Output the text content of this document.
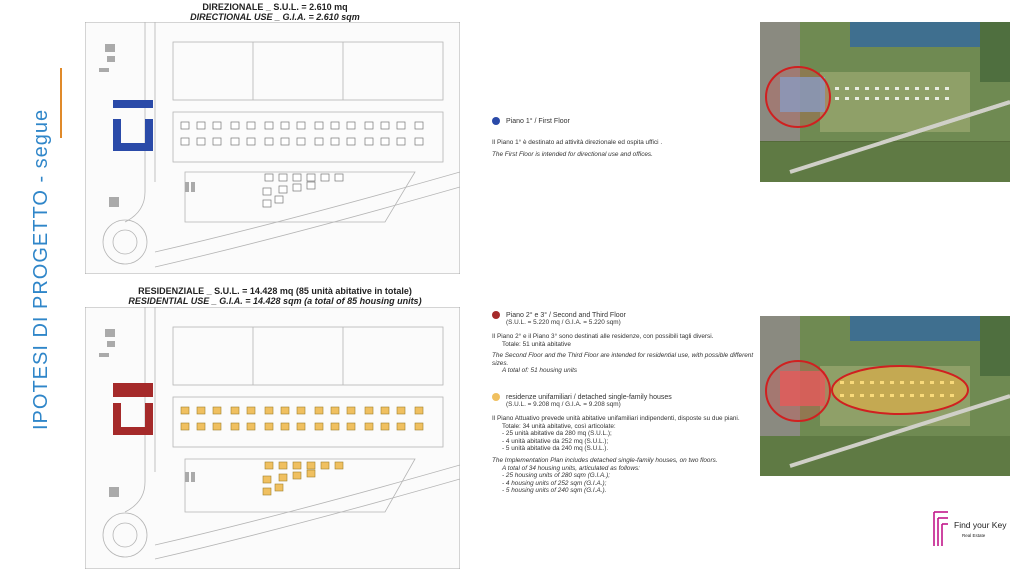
IPOTESI DI PROGETTO - segue
DIREZIONALE _ S.U.L. = 2.610 mq
DIRECTIONAL USE _ G.I.A. = 2.610 sqm
Piano 1° / First Floor
Il Piano 1° è destinato ad attività direzionale ed ospita uffici .
The First Floor is intended for directional use and offices.
RESIDENZIALE _ S.U.L. = 14.428 mq (85 unità abitative in totale)
RESIDENTIAL USE _ G.I.A. = 14.428 sqm (a total of 85 housing units)
Piano 2° e 3° / Second and Third Floor
(S.U.L. = 5.220 mq / G.I.A. = 5.220 sqm)
Il Piano 2° e il Piano 3° sono destinati alle residenze, con possibili tagli diversi.
Totale: 51 unità abitative
The Second Floor and the Third Floor are intended for residential use, with possible different sizes.
A total of: 51 housing units
residenze unifamiliari / detached single-family houses
(S.U.L. = 9.208 mq / G.I.A. = 9.208 sqm)
Il Piano Attuativo prevede unità abitative unifamiliari indipendenti, disposte su due piani.
Totale: 34 unità abitative, così articolate:
- 25 unità abitative da 280 mq (S.U.L.);
- 4 unità abitative da 252 mq (S.U.L.);
- 5 unità abitative da 240 mq (S.U.L.).
The Implementation Plan includes detached single-family houses, on two floors.
A total of 34 housing units, articulated as follows:
- 25 housing units of 280 sqm (G.I.A.);
- 4 housing units of 252 sqm (G.I.A.);
- 5 housing units of 240 sqm (G.I.A.).
Find your Key
Real Estate
